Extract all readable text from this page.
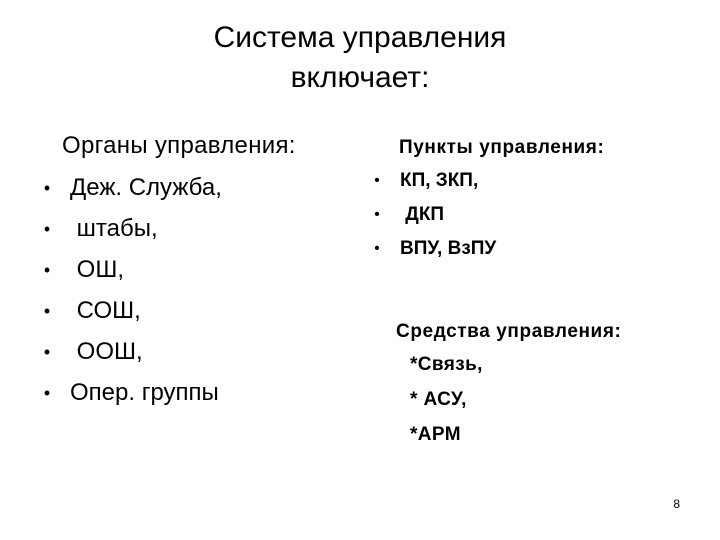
Система управления
включает:
Органы управления:
• Деж. Служба,
• штабы,
• ОШ,
• СОШ,
• ООШ,
• Опер. группы
Пункты управления:
• КП, ЗКП,
• ДКП
• ВПУ, ВзПУ
Средства управления:
*Связь,
* АСУ,
*АРМ
8
